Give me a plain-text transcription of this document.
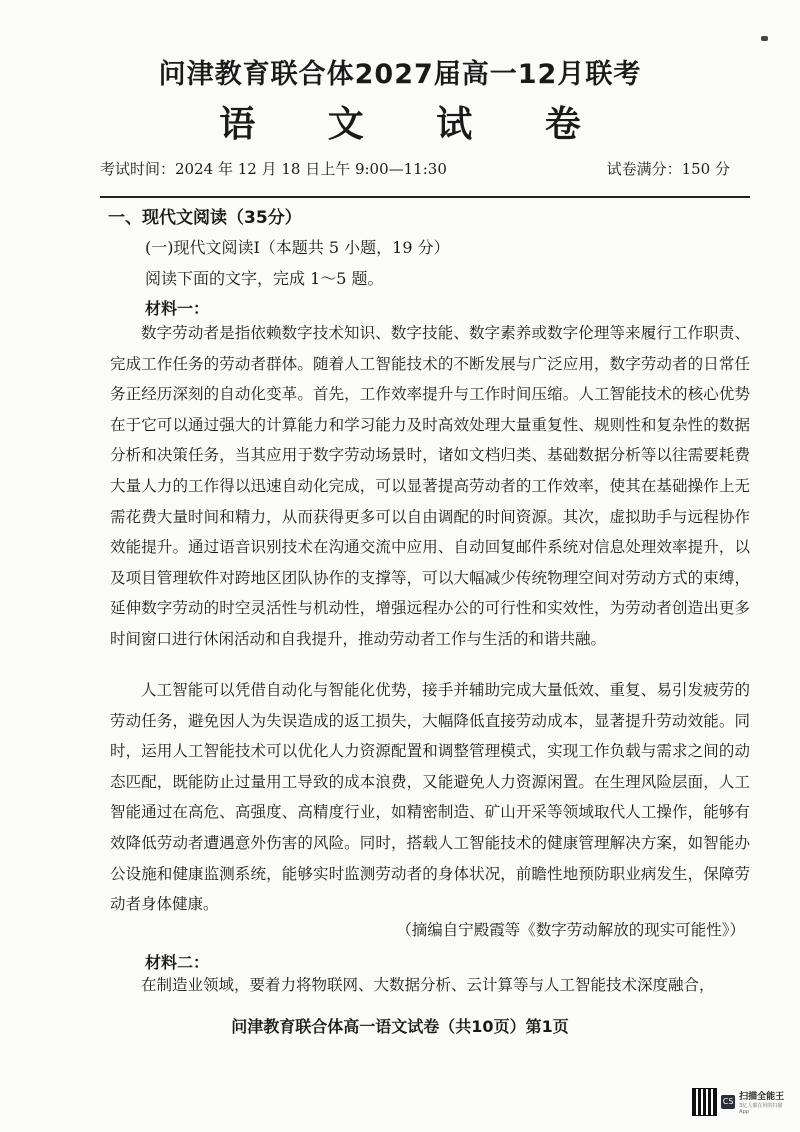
问津教育联合体2027届高一12月联考
语 文 试 卷
考试时间：2024 年 12 月 18 日上午 9:00—11:30	试卷满分：150 分
一、现代文阅读（35分）
(一)现代文阅读Ⅰ（本题共 5 小题，19 分）
阅读下面的文字，完成 1～5 题。
材料一：
数字劳动者是指依赖数字技术知识、数字技能、数字素养或数字伦理等来履行工作职责、完成工作任务的劳动者群体。随着人工智能技术的不断发展与广泛应用，数字劳动者的日常任务正经历深刻的自动化变革。首先，工作效率提升与工作时间压缩。人工智能技术的核心优势在于它可以通过强大的计算能力和学习能力及时高效处理大量重复性、规则性和复杂性的数据分析和决策任务，当其应用于数字劳动场景时，诸如文档归类、基础数据分析等以往需要耗费大量人力的工作得以迅速自动化完成，可以显著提高劳动者的工作效率，使其在基础操作上无需花费大量时间和精力，从而获得更多可以自由调配的时间资源。其次，虚拟助手与远程协作效能提升。通过语音识别技术在沟通交流中应用、自动回复邮件系统对信息处理效率提升，以及项目管理软件对跨地区团队协作的支撑等，可以大幅减少传统物理空间对劳动方式的束缚，延伸数字劳动的时空灵活性与机动性，增强远程办公的可行性和实效性，为劳动者创造出更多时间窗口进行休闲活动和自我提升，推动劳动者工作与生活的和谐共融。
人工智能可以凭借自动化与智能化优势，接手并辅助完成大量低效、重复、易引发疲劳的劳动任务，避免因人为失误造成的返工损失，大幅降低直接劳动成本，显著提升劳动效能。同时，运用人工智能技术可以优化人力资源配置和调整管理模式，实现工作负载与需求之间的动态匹配，既能防止过量用工导致的成本浪费，又能避免人力资源闲置。在生理风险层面，人工智能通过在高危、高强度、高精度行业，如精密制造、矿山开采等领域取代人工操作，能够有效降低劳动者遭遇意外伤害的风险。同时，搭载人工智能技术的健康管理解决方案，如智能办公设施和健康监测系统，能够实时监测劳动者的身体状况，前瞻性地预防职业病发生，保障劳动者身体健康。
（摘编自宁殿霞等《数字劳动解放的现实可能性》）
材料二：
在制造业领域，要着力将物联网、大数据分析、云计算等与人工智能技术深度融合，
问津教育联合体高一语文试卷（共10页）第1页
CS 扫描全能王
3亿人都在用的扫描App
